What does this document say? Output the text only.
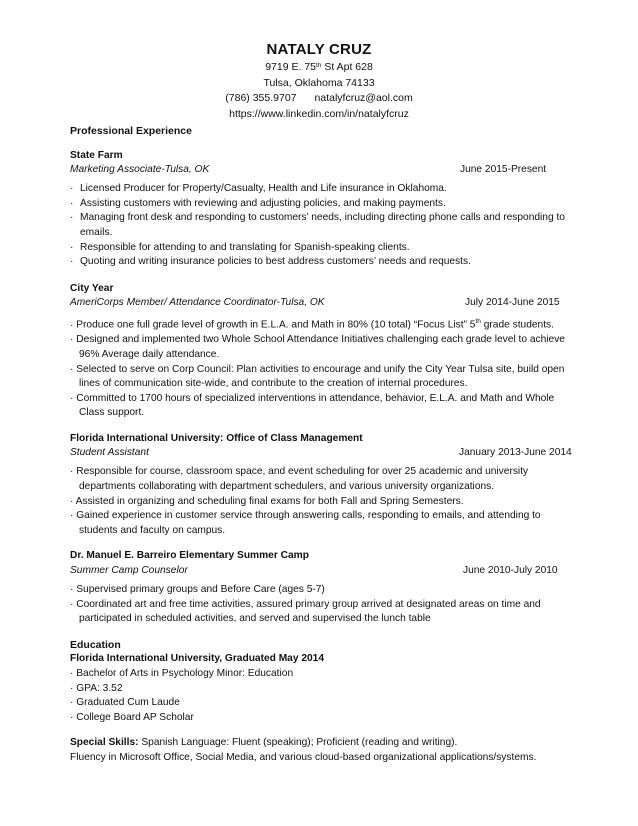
NATALY CRUZ
9719 E. 75th St Apt 628
Tulsa, Oklahoma 74133
(786) 355.9707 natalyfcruz@aol.com
https://www.linkedin.com/in/natalyfcruz
Professional Experience
State Farm
Marketing Associate-Tulsa, OK	June 2015-Present
· Licensed Producer for Property/Casualty, Health and Life insurance in Oklahoma.
· Assisting customers with reviewing and adjusting policies, and making payments.
· Managing front desk and responding to customers’ needs, including directing phone calls and responding to emails.
· Responsible for attending to and translating for Spanish-speaking clients.
· Quoting and writing insurance policies to best address customers’ needs and requests.
City Year
AmeriCorps Member/ Attendance Coordinator-Tulsa, OK	July 2014-June 2015
· Produce one full grade level of growth in E.L.A. and Math in 80% (10 total) “Focus List” 5th grade students.
· Designed and implemented two Whole School Attendance Initiatives challenging each grade level to achieve 96% Average daily attendance.
· Selected to serve on Corp Council: Plan activities to encourage and unify the City Year Tulsa site, build open lines of communication site-wide, and contribute to the creation of internal procedures.
· Committed to 1700 hours of specialized interventions in attendance, behavior, E.L.A. and Math and Whole Class support.
Florida International University: Office of Class Management
Student Assistant	January 2013-June 2014
· Responsible for course, classroom space, and event scheduling for over 25 academic and university departments collaborating with department schedulers, and various university organizations.
· Assisted in organizing and scheduling final exams for both Fall and Spring Semesters.
· Gained experience in customer service through answering calls, responding to emails, and attending to students and faculty on campus.
Dr. Manuel E. Barreiro Elementary Summer Camp
Summer Camp Counselor	June 2010-July 2010
· Supervised primary groups and Before Care (ages 5-7)
· Coordinated art and free time activities, assured primary group arrived at designated areas on time and participated in scheduled activities, and served and supervised the lunch table
Education
Florida International University, Graduated May 2014
· Bachelor of Arts in Psychology Minor: Education
· GPA: 3.52
· Graduated Cum Laude
· College Board AP Scholar
Special Skills: Spanish Language: Fluent (speaking); Proficient (reading and writing).
Fluency in Microsoft Office, Social Media, and various cloud-based organizational applications/systems.
